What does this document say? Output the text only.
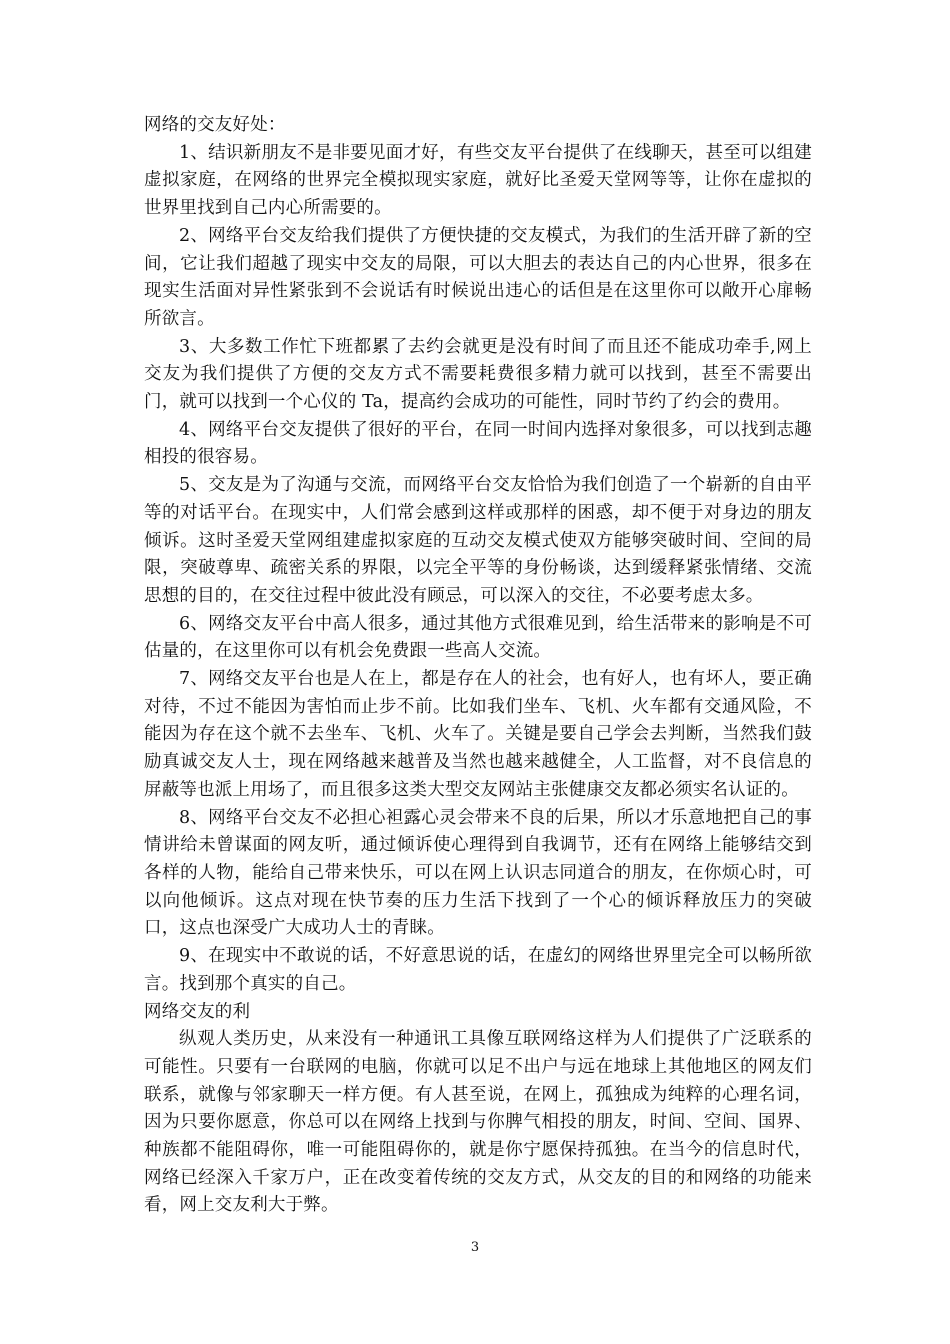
网络的交友好处：

1、结识新朋友不是非要见面才好，有些交友平台提供了在线聊天，甚至可以组建虚拟家庭，在网络的世界完全模拟现实家庭，就好比圣爱天堂网等等，让你在虚拟的世界里找到自己内心所需要的。

2、网络平台交友给我们提供了方便快捷的交友模式，为我们的生活开辟了新的空间，它让我们超越了现实中交友的局限，可以大胆去的表达自己的内心世界，很多在现实生活面对异性紧张到不会说话有时候说出违心的话但是在这里你可以敞开心扉畅所欲言。

3、大多数工作忙下班都累了去约会就更是没有时间了而且还不能成功牵手,网上交友为我们提供了方便的交友方式不需要耗费很多精力就可以找到，甚至不需要出门，就可以找到一个心仪的 Ta，提高约会成功的可能性，同时节约了约会的费用。

4、网络平台交友提供了很好的平台，在同一时间内选择对象很多，可以找到志趣相投的很容易。

5、交友是为了沟通与交流，而网络平台交友恰恰为我们创造了一个崭新的自由平等的对话平台。在现实中，人们常会感到这样或那样的困惑，却不便于对身边的朋友倾诉。这时圣爱天堂网组建虚拟家庭的互动交友模式使双方能够突破时间、空间的局限，突破尊卑、疏密关系的界限，以完全平等的身份畅谈，达到缓释紧张情绪、交流思想的目的，在交往过程中彼此没有顾忌，可以深入的交往，不必要考虑太多。

6、网络交友平台中高人很多，通过其他方式很难见到，给生活带来的影响是不可估量的，在这里你可以有机会免费跟一些高人交流。

7、网络交友平台也是人在上，都是存在人的社会，也有好人，也有坏人，要正确对待，不过不能因为害怕而止步不前。比如我们坐车、飞机、火车都有交通风险，不能因为存在这个就不去坐车、飞机、火车了。关键是要自己学会去判断，当然我们鼓励真诚交友人士，现在网络越来越普及当然也越来越健全，人工监督，对不良信息的屏蔽等也派上用场了，而且很多这类大型交友网站主张健康交友都必须实名认证的。

8、网络平台交友不必担心袒露心灵会带来不良的后果，所以才乐意地把自己的事情讲给未曾谋面的网友听，通过倾诉使心理得到自我调节，还有在网络上能够结交到各样的人物，能给自己带来快乐，可以在网上认识志同道合的朋友，在你烦心时，可以向他倾诉。这点对现在快节奏的压力生活下找到了一个心的倾诉释放压力的突破口，这点也深受广大成功人士的青睐。

9、在现实中不敢说的话，不好意思说的话，在虚幻的网络世界里完全可以畅所欲言。找到那个真实的自己。

网络交友的利

纵观人类历史，从来没有一种通讯工具像互联网络这样为人们提供了广泛联系的可能性。只要有一台联网的电脑，你就可以足不出户与远在地球上其他地区的网友们联系，就像与邻家聊天一样方便。有人甚至说，在网上，孤独成为纯粹的心理名词，因为只要你愿意，你总可以在网络上找到与你脾气相投的朋友，时间、空间、国界、种族都不能阻碍你，唯一可能阻碍你的，就是你宁愿保持孤独。在当今的信息时代，网络已经深入千家万户，正在改变着传统的交友方式，从交友的目的和网络的功能来看，网上交友利大于弊。

3
